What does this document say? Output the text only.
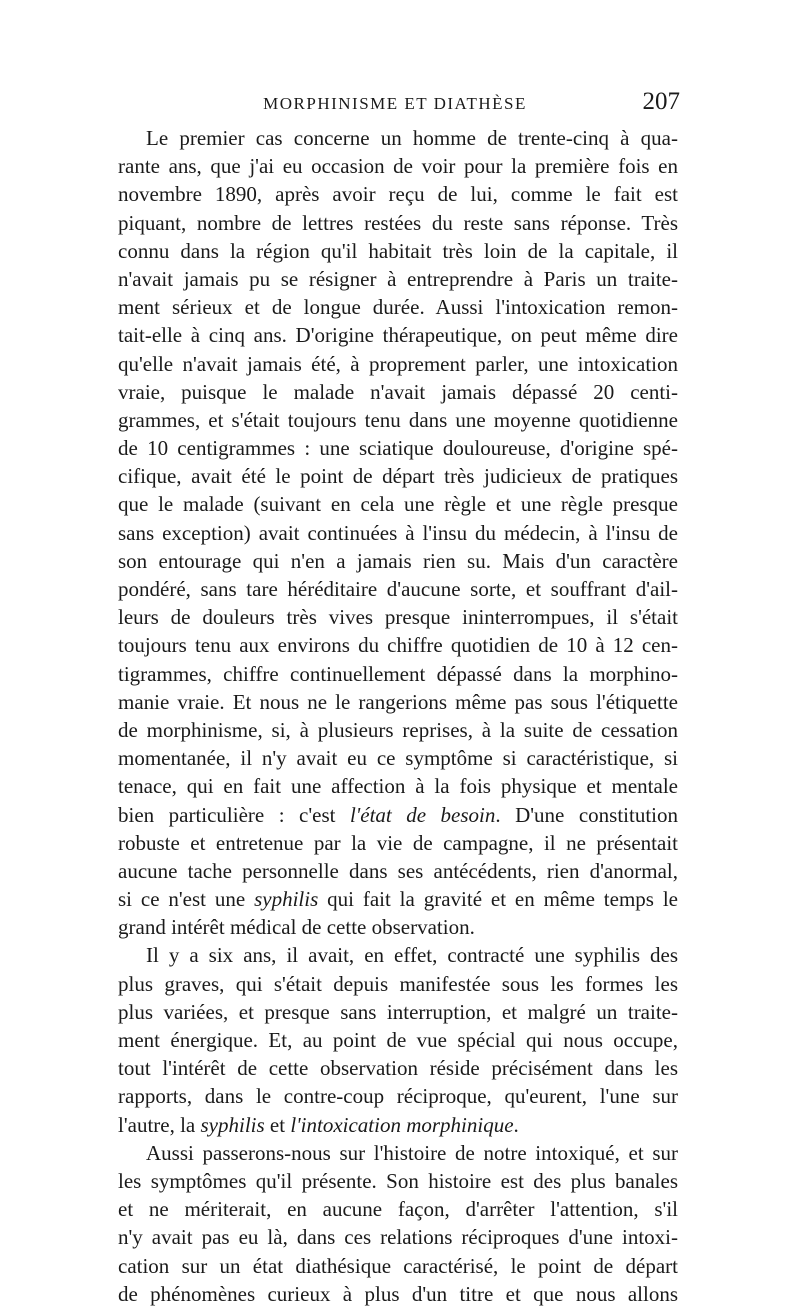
MORPHINISME ET DIATHÈSE	207
Le premier cas concerne un homme de trente-cinq à qua-
rante ans, que j'ai eu occasion de voir pour la première fois en
novembre 1890, après avoir reçu de lui, comme le fait est
piquant, nombre de lettres restées du reste sans réponse. Très
connu dans la région qu'il habitait très loin de la capitale, il
n'avait jamais pu se résigner à entreprendre à Paris un traite-
ment sérieux et de longue durée. Aussi l'intoxication remon-
tait-elle à cinq ans. D'origine thérapeutique, on peut même dire
qu'elle n'avait jamais été, à proprement parler, une intoxication
vraie, puisque le malade n'avait jamais dépassé 20 centi-
grammes, et s'était toujours tenu dans une moyenne quotidienne
de 10 centigrammes : une sciatique douloureuse, d'origine spé-
cifique, avait été le point de départ très judicieux de pratiques
que le malade (suivant en cela une règle et une règle presque
sans exception) avait continuées à l'insu du médecin, à l'insu de
son entourage qui n'en a jamais rien su. Mais d'un caractère
pondéré, sans tare héréditaire d'aucune sorte, et souffrant d'ail-
leurs de douleurs très vives presque ininterrompues, il s'était
toujours tenu aux environs du chiffre quotidien de 10 à 12 cen-
tigrammes, chiffre continuellement dépassé dans la morphino-
manie vraie. Et nous ne le rangerions même pas sous l'étiquette
de morphinisme, si, à plusieurs reprises, à la suite de cessation
momentanée, il n'y avait eu ce symptôme si caractéristique, si
tenace, qui en fait une affection à la fois physique et mentale
bien particulière : c'est l'état de besoin. D'une constitution
robuste et entretenue par la vie de campagne, il ne présentait
aucune tache personnelle dans ses antécédents, rien d'anormal,
si ce n'est une syphilis qui fait la gravité et en même temps le
grand intérêt médical de cette observation.
Il y a six ans, il avait, en effet, contracté une syphilis des
plus graves, qui s'était depuis manifestée sous les formes les
plus variées, et presque sans interruption, et malgré un traite-
ment énergique. Et, au point de vue spécial qui nous occupe,
tout l'intérêt de cette observation réside précisément dans les
rapports, dans le contre-coup réciproque, qu'eurent, l'une sur
l'autre, la syphilis et l'intoxication morphinique.
Aussi passerons-nous sur l'histoire de notre intoxiqué, et sur
les symptômes qu'il présente. Son histoire est des plus banales
et ne mériterait, en aucune façon, d'arrêter l'attention, s'il
n'y avait pas eu là, dans ces relations réciproques d'une intoxi-
cation sur un état diathésique caractérisé, le point de départ
de phénomènes curieux à plus d'un titre et que nous allons
